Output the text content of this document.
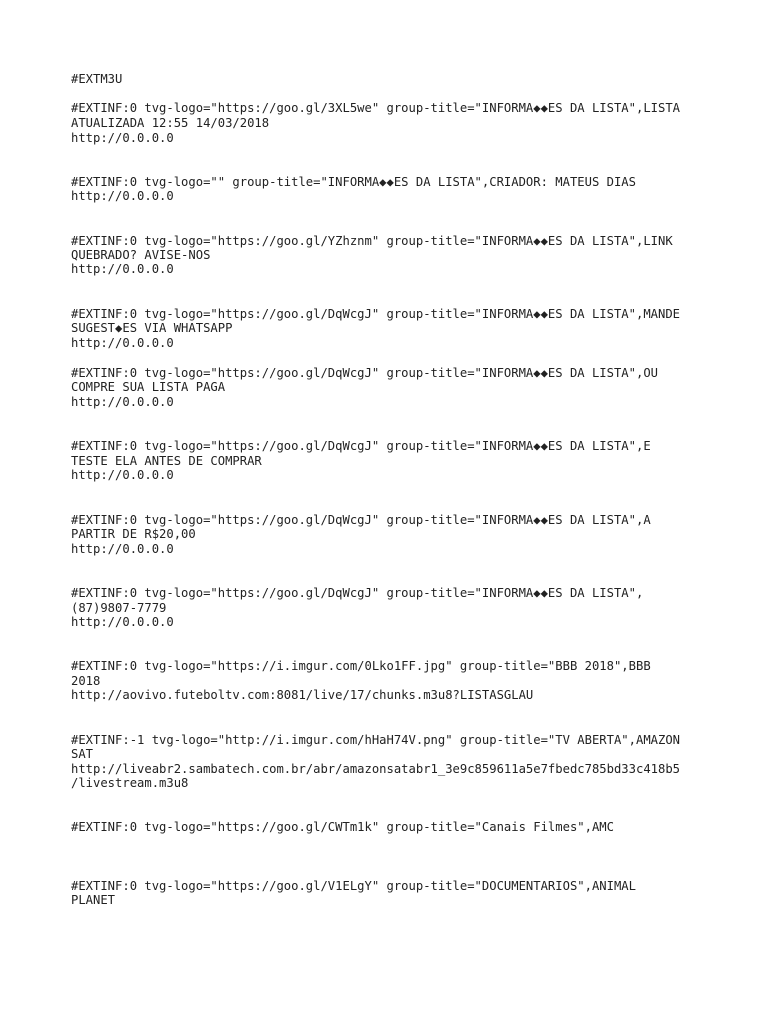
#EXTM3U

#EXTINF:0 tvg-logo="https://goo.gl/3XL5we" group-title="INFORMA◆◆ES DA LISTA",LISTA

ATUALIZADA 12:55 14/03/2018

http://0.0.0.0

#EXTINF:0 tvg-logo="" group-title="INFORMA◆◆ES DA LISTA",CRIADOR: MATEUS DIAS

http://0.0.0.0

#EXTINF:0 tvg-logo="https://goo.gl/YZhznm" group-title="INFORMA◆◆ES DA LISTA",LINK

QUEBRADO? AVISE-NOS

http://0.0.0.0

#EXTINF:0 tvg-logo="https://goo.gl/DqWcgJ" group-title="INFORMA◆◆ES DA LISTA",MANDE

SUGEST◆ES VIA WHATSAPP

http://0.0.0.0

#EXTINF:0 tvg-logo="https://goo.gl/DqWcgJ" group-title="INFORMA◆◆ES DA LISTA",OU

COMPRE SUA LISTA PAGA

http://0.0.0.0

#EXTINF:0 tvg-logo="https://goo.gl/DqWcgJ" group-title="INFORMA◆◆ES DA LISTA",E

TESTE ELA ANTES DE COMPRAR

http://0.0.0.0

#EXTINF:0 tvg-logo="https://goo.gl/DqWcgJ" group-title="INFORMA◆◆ES DA LISTA",A

PARTIR DE R$20,00

http://0.0.0.0

#EXTINF:0 tvg-logo="https://goo.gl/DqWcgJ" group-title="INFORMA◆◆ES DA LISTA",

(87)9807-7779

http://0.0.0.0

#EXTINF:0 tvg-logo="https://i.imgur.com/0Lko1FF.jpg" group-title="BBB 2018",BBB

2018

http://aovivo.futeboltv.com:8081/live/17/chunks.m3u8?LISTASGLAU

#EXTINF:-1 tvg-logo="http://i.imgur.com/hHaH74V.png" group-title="TV ABERTA",AMAZON

SAT

http://liveabr2.sambatech.com.br/abr/amazonsatabr1_3e9c859611a5e7fbedc785bd33c418b5

/livestream.m3u8

#EXTINF:0 tvg-logo="https://goo.gl/CWTm1k" group-title="Canais Filmes",AMC

#EXTINF:0 tvg-logo="https://goo.gl/V1ELgY" group-title="DOCUMENTARIOS",ANIMAL

PLANET
